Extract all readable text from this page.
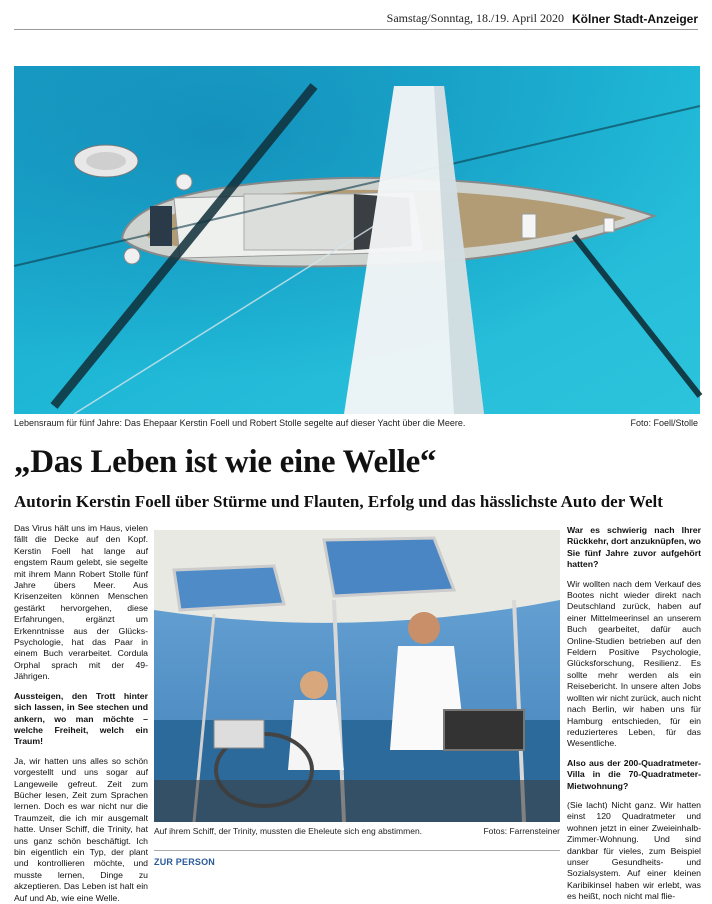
Samstag/Sonntag, 18./19. April 2020 Kölner Stadt-Anzeiger
Lebensraum für fünf Jahre: Das Ehepaar Kerstin Foell und Robert Stolle segelte auf dieser Yacht über die Meere.	Foto: Foell/Stolle
„Das Leben ist wie eine Welle“
Autorin Kerstin Foell über Stürme und Flauten, Erfolg und das hässlichste Auto der Welt

Das Virus hält uns im Haus, vielen fällt die Decke auf den Kopf. Kerstin Foell hat lange auf engstem Raum gelebt, sie segelte mit ihrem Mann Robert Stolle fünf Jahre übers Meer. Aus Krisenzeiten können Menschen gestärkt hervorgehen, diese Erfahrungen, ergänzt um Erkenntnisse aus der Glücks-Psychologie, hat das Paar in einem Buch verarbeitet. Cordula Orphal sprach mit der 49-Jährigen.

Aussteigen, den Trott hinter sich lassen, in See stechen und ankern, wo man möchte – welche Freiheit, welch ein Traum!

Ja, wir hatten uns alles so schön vorgestellt und uns sogar auf Langeweile gefreut. Zeit zum Bücher lesen, Zeit zum Sprachen lernen. Doch es war nicht nur die Traumzeit, die ich mir ausgemalt hatte. Unser Schiff, die Trinity, hat uns ganz schön beschäftigt. Ich bin eigentlich ein Typ, der plant und kontrollieren möchte, und musste lernen, Dinge zu akzeptieren. Das Leben ist halt ein Auf und Ab, wie eine Welle.

Auf ihrem Schiff, der Trinity, mussten die Eheleute sich eng abstimmen.	Fotos: Farrensteiner
ZUR PERSON

War es schwierig nach Ihrer Rückkehr, dort anzuknüpfen, wo Sie fünf Jahre zuvor aufgehört hatten?

Wir wollten nach dem Verkauf des Bootes nicht wieder direkt nach Deutschland zurück, haben auf einer Mittelmeerinsel an unserem Buch gearbeitet, dafür auch Online-Studien betrieben auf den Feldern Positive Psychologie, Glücksforschung, Resilienz. Es sollte mehr werden als ein Reisebericht. In unsere alten Jobs wollten wir nicht zurück, auch nicht nach Berlin, wir haben uns für Hamburg entschieden, für ein reduzierteres Leben, für das Wesentliche.

Also aus der 200-Quadratmeter-Villa in die 70-Quadratmeter-Mietwohnung?

(Sie lacht) Nicht ganz. Wir hatten einst 120 Quadratmeter und wohnen jetzt in einer Zweieinhalb-Zimmer-Wohnung. Und sind dankbar für vieles, zum Beispiel unser Gesundheits- und Sozialsystem. Auf einer kleinen Karibikinsel haben wir erlebt, was es heißt, noch nicht mal flie-
